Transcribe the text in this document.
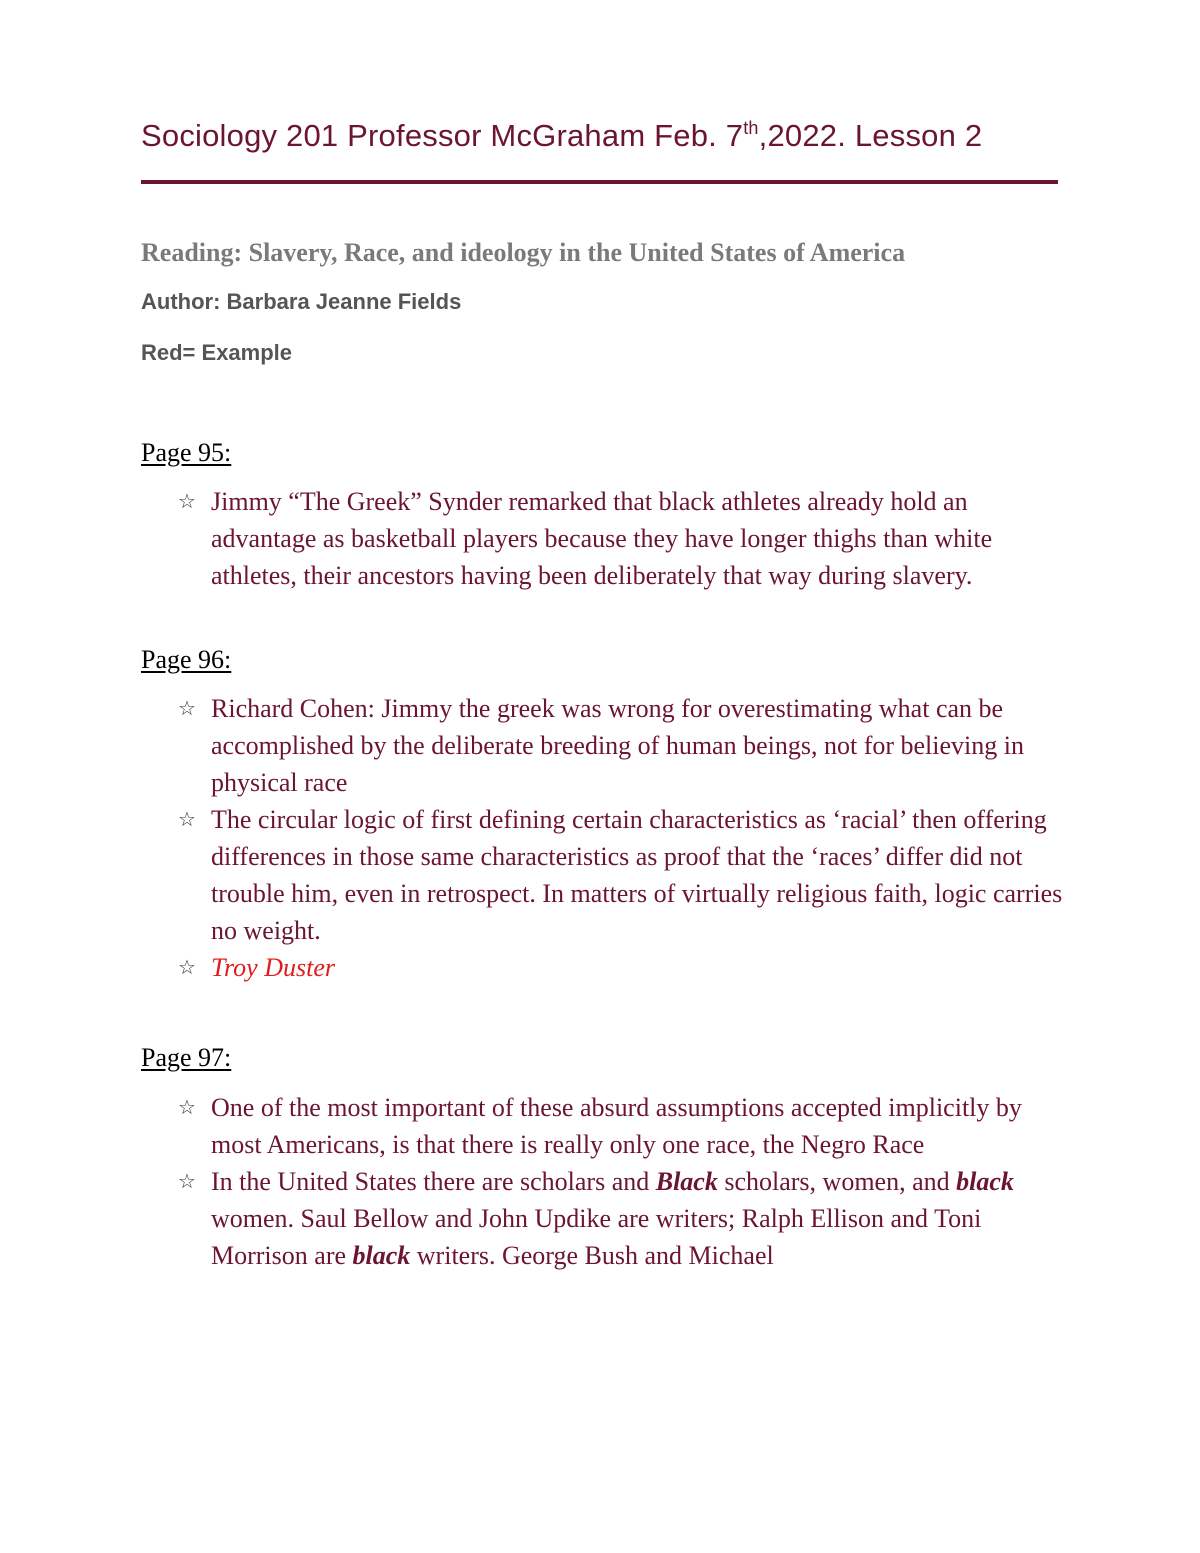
Sociology 201 Professor McGraham Feb. 7th,2022. Lesson 2
Reading: Slavery, Race, and ideology in the United States of America
Author: Barbara Jeanne Fields
Red= Example
Page 95:
☆ Jimmy “The Greek” Synder remarked that black athletes already hold an advantage as basketball players because they have longer thighs than white athletes, their ancestors having been deliberately that way during slavery.
Page 96:
☆ Richard Cohen: Jimmy the greek was wrong for overestimating what can be accomplished by the deliberate breeding of human beings, not for believing in physical race
☆ The circular logic of first defining certain characteristics as ‘racial’ then offering differences in those same characteristics as proof that the ‘races’ differ did not trouble him, even in retrospect. In matters of virtually religious faith, logic carries no weight.
☆ Troy Duster
Page 97:
☆ One of the most important of these absurd assumptions accepted implicitly by most Americans, is that there is really only one race, the Negro Race
☆ In the United States there are scholars and Black scholars, women, and black women. Saul Bellow and John Updike are writers; Ralph Ellison and Toni Morrison are black writers. George Bush and Michael
